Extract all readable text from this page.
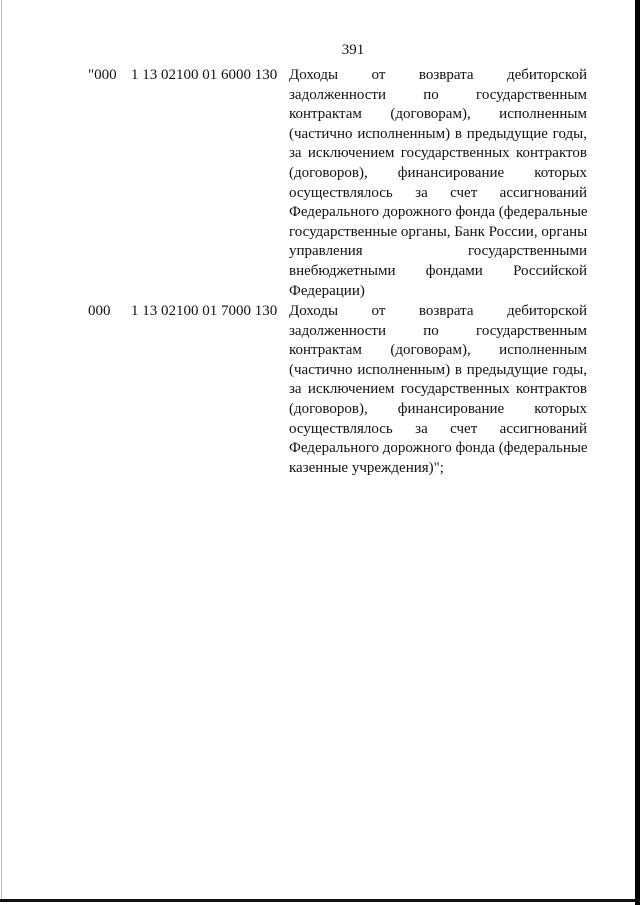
391
"000 1 13 02100 01 6000 130 Доходы от возврата дебиторской
задолженности по государственным
контрактам (договорам), исполненным
(частично исполненным) в предыдущие годы,
за исключением государственных контрактов
(договоров), финансирование которых
осуществлялось за счет ассигнований
Федерального дорожного фонда (федеральные
государственные органы, Банк России, органы
управления государственными
внебюджетными фондами Российской
Федерации)
000 1 13 02100 01 7000 130 Доходы от возврата дебиторской
задолженности по государственным
контрактам (договорам), исполненным
(частично исполненным) в предыдущие годы,
за исключением государственных контрактов
(договоров), финансирование которых
осуществлялось за счет ассигнований
Федерального дорожного фонда (федеральные
казенные учреждения)";
